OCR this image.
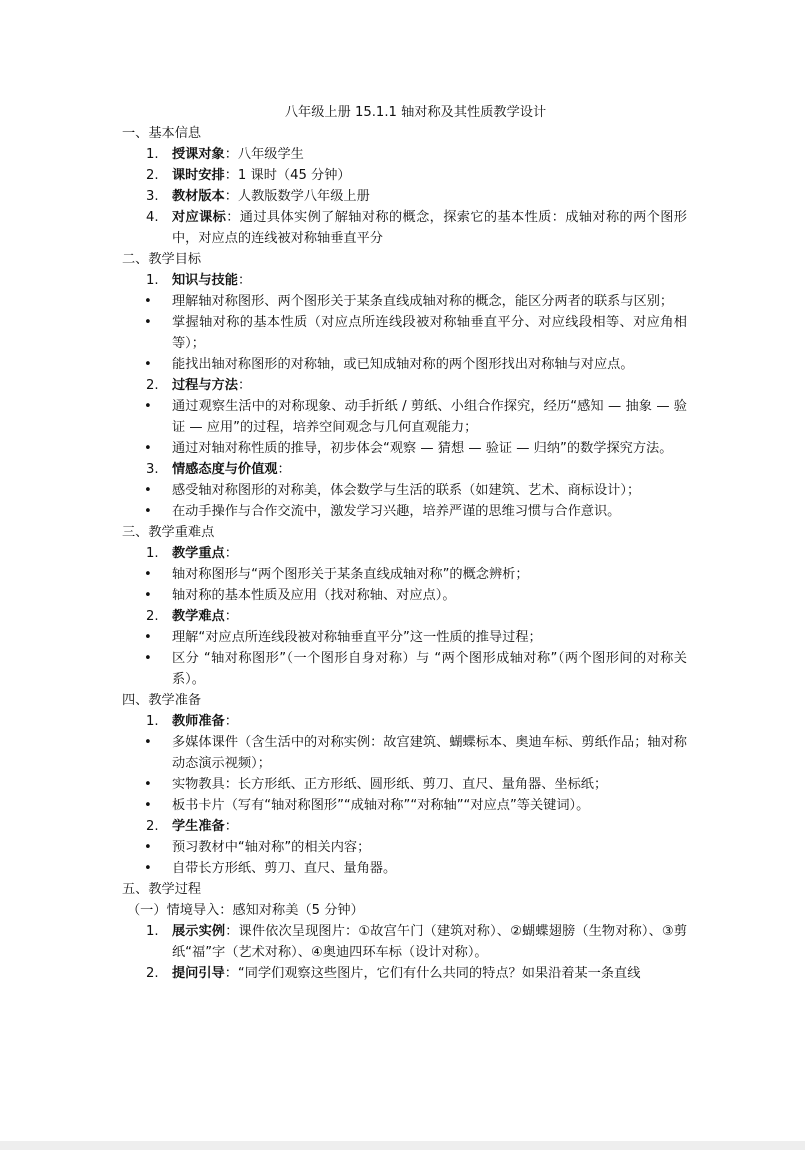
八年级上册 15.1.1 轴对称及其性质教学设计

一、基本信息

1. 授课对象：八年级学生

2. 课时安排：1 课时（45 分钟）

3. 教材版本：人教版数学八年级上册

4. 对应课标：通过具体实例了解轴对称的概念，探索它的基本性质：成轴对称的两个图形中，对应点的连线被对称轴垂直平分

二、教学目标

1. 知识与技能：

• 理解轴对称图形、两个图形关于某条直线成轴对称的概念，能区分两者的联系与区别；

• 掌握轴对称的基本性质（对应点所连线段被对称轴垂直平分、对应线段相等、对应角相等）；

• 能找出轴对称图形的对称轴，或已知成轴对称的两个图形找出对称轴与对应点。

2. 过程与方法：

• 通过观察生活中的对称现象、动手折纸 / 剪纸、小组合作探究，经历“感知 — 抽象 — 验证 — 应用”的过程，培养空间观念与几何直观能力；

• 通过对轴对称性质的推导，初步体会“观察 — 猜想 — 验证 — 归纳”的数学探究方法。

3. 情感态度与价值观：

• 感受轴对称图形的对称美，体会数学与生活的联系（如建筑、艺术、商标设计）；

• 在动手操作与合作交流中，激发学习兴趣，培养严谨的思维习惯与合作意识。

三、教学重难点

1. 教学重点：

• 轴对称图形与“两个图形关于某条直线成轴对称”的概念辨析；

• 轴对称的基本性质及应用（找对称轴、对应点）。

2. 教学难点：

• 理解“对应点所连线段被对称轴垂直平分”这一性质的推导过程；

• 区分 “轴对称图形”（一个图形自身对称）与 “两个图形成轴对称”（两个图形间的对称关系）。

四、教学准备

1. 教师准备：

• 多媒体课件（含生活中的对称实例：故宫建筑、蝴蝶标本、奥迪车标、剪纸作品；轴对称动态演示视频）；

• 实物教具：长方形纸、正方形纸、圆形纸、剪刀、直尺、量角器、坐标纸；

• 板书卡片（写有“轴对称图形”“成轴对称”“对称轴”“对应点”等关键词）。

2. 学生准备：

• 预习教材中“轴对称”的相关内容；

• 自带长方形纸、剪刀、直尺、量角器。

五、教学过程

（一）情境导入：感知对称美（5 分钟）

1. 展示实例：课件依次呈现图片：①故宫午门（建筑对称）、②蝴蝶翅膀（生物对称）、③剪纸“福”字（艺术对称）、④奥迪四环车标（设计对称）。

2. 提问引导：“同学们观察这些图片，它们有什么共同的特点？如果沿着某一条直线
